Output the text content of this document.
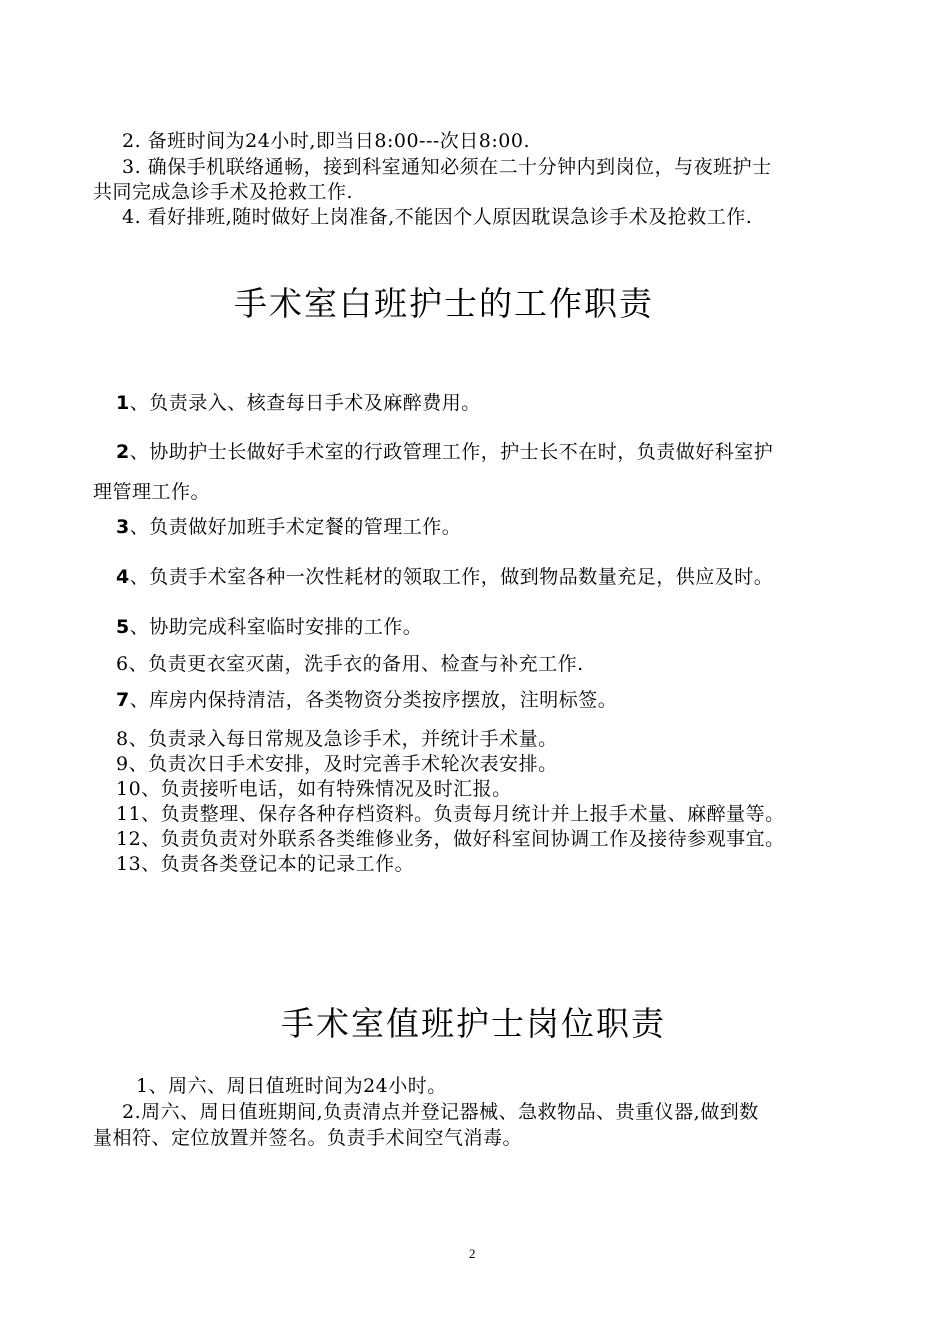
2. 备班时间为24小时,即当日8:00---次日8:00.
3. 确保手机联络通畅，接到科室通知必须在二十分钟内到岗位，与夜班护士
共同完成急诊手术及抢救工作.
4. 看好排班,随时做好上岗准备,不能因个人原因耽误急诊手术及抢救工作.
手术室白班护士的工作职责
1、负责录入、核查每日手术及麻醉费用。
2、协助护士长做好手术室的行政管理工作，护士长不在时，负责做好科室护
理管理工作。
3、负责做好加班手术定餐的管理工作。
4、负责手术室各种一次性耗材的领取工作，做到物品数量充足，供应及时。
5、协助完成科室临时安排的工作。
6、负责更衣室灭菌，洗手衣的备用、检查与补充工作.
7、库房内保持清洁，各类物资分类按序摆放，注明标签。
8、负责录入每日常规及急诊手术，并统计手术量。
9、负责次日手术安排，及时完善手术轮次表安排。
10、负责接听电话，如有特殊情况及时汇报。
11、负责整理、保存各种存档资料。负责每月统计并上报手术量、麻醉量等。
12、负责负责对外联系各类维修业务，做好科室间协调工作及接待参观事宜。
13、负责各类登记本的记录工作。
手术室值班护士岗位职责
1、周六、周日值班时间为24小时。
2.周六、周日值班期间,负责清点并登记器械、急救物品、贵重仪器,做到数
量相符、定位放置并签名。负责手术间空气消毒。
2
